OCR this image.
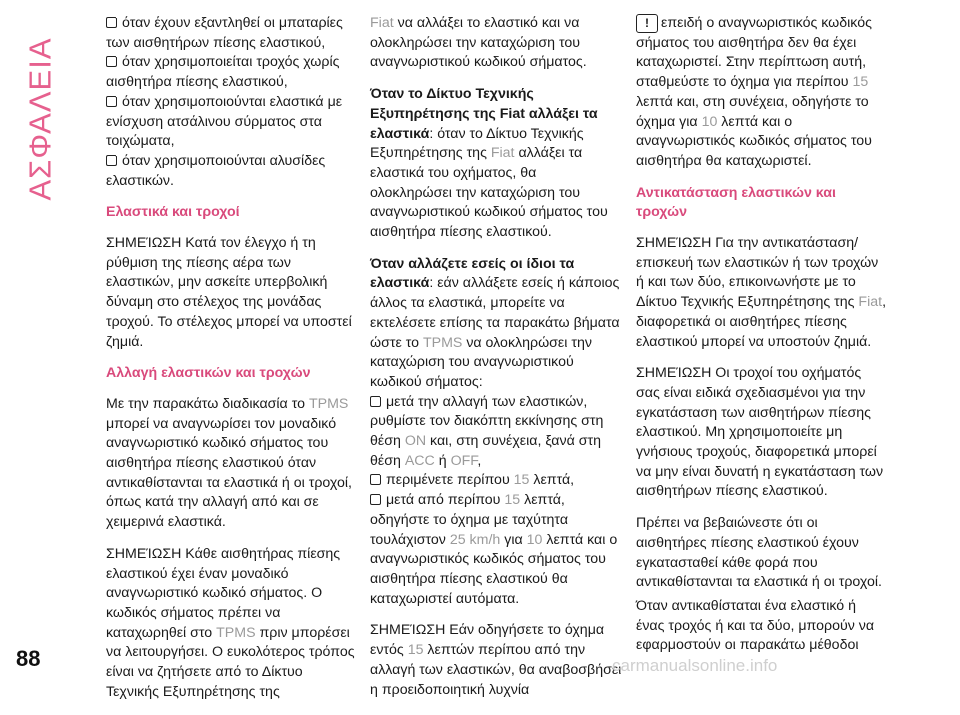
ΑΣΦΑΛΕΙΑ

όταν έχουν εξαντληθεί οι μπαταρίες των αισθητήρων πίεσης ελαστικού,

όταν χρησιμοποιείται τροχός χωρίς αισθητήρα πίεσης ελαστικού,

όταν χρησιμοποιούνται ελαστικά με ενίσχυση ατσάλινου σύρματος στα τοιχώματα,

όταν χρησιμοποιούνται αλυσίδες ελαστικών.

Ελαστικά και τροχοί

ΣΗΜΕΊΩΣΗ Κατά τον έλεγχο ή τη ρύθμιση της πίεσης αέρα των ελαστικών, μην ασκείτε υπερβολική δύναμη στο στέλεχος της μονάδας τροχού. Το στέλεχος μπορεί να υποστεί ζημιά.

Αλλαγή ελαστικών και τροχών

Με την παρακάτω διαδικασία το TPMS μπορεί να αναγνωρίσει τον μοναδικό αναγνωριστικό κωδικό σήματος του αισθητήρα πίεσης ελαστικού όταν αντικαθίστανται τα ελαστικά ή οι τροχοί, όπως κατά την αλλαγή από και σε χειμερινά ελαστικά.

ΣΗΜΕΊΩΣΗ Κάθε αισθητήρας πίεσης ελαστικού έχει έναν μοναδικό αναγνωριστικό κωδικό σήματος. Ο κωδικός σήματος πρέπει να καταχωρηθεί στο TPMS πριν μπορέσει να λειτουργήσει. Ο ευκολότερος τρόπος είναι να ζητήσετε από το Δίκτυο Τεχνικής Εξυπηρέτησης της

Fiat να αλλάξει το ελαστικό και να ολοκληρώσει την καταχώριση του αναγνωριστικού κωδικού σήματος.

Όταν το Δίκτυο Τεχνικής Εξυπηρέτησης της Fiat αλλάξει τα ελαστικά: όταν το Δίκτυο Τεχνικής Εξυπηρέτησης της Fiat αλλάξει τα ελαστικά του οχήματος, θα ολοκληρώσει την καταχώριση του αναγνωριστικού κωδικού σήματος του αισθητήρα πίεσης ελαστικού.

Όταν αλλάζετε εσείς οι ίδιοι τα ελαστικά: εάν αλλάξετε εσείς ή κάποιος άλλος τα ελαστικά, μπορείτε να εκτελέσετε επίσης τα παρακάτω βήματα ώστε το TPMS να ολοκληρώσει την καταχώριση του αναγνωριστικού κωδικού σήματος:

μετά την αλλαγή των ελαστικών, ρυθμίστε τον διακόπτη εκκίνησης στη θέση ON και, στη συνέχεια, ξανά στη θέση ACC ή OFF,

περιμένετε περίπου 15 λεπτά,

μετά από περίπου 15 λεπτά, οδηγήστε το όχημα με ταχύτητα τουλάχιστον 25 km/h για 10 λεπτά και ο αναγνωριστικός κωδικός σήματος του αισθητήρα πίεσης ελαστικού θα καταχωριστεί αυτόματα.

ΣΗΜΕΊΩΣΗ Εάν οδηγήσετε το όχημα εντός 15 λεπτών περίπου από την αλλαγή των ελαστικών, θα αναβοσβήσει η προειδοποιητική λυχνία

! επειδή ο αναγνωριστικός κωδικός σήματος του αισθητήρα δεν θα έχει καταχωριστεί. Στην περίπτωση αυτή, σταθμεύστε το όχημα για περίπου 15 λεπτά και, στη συνέχεια, οδηγήστε το όχημα για 10 λεπτά και ο αναγνωριστικός κωδικός σήματος του αισθητήρα θα καταχωριστεί.

Αντικατάσταση ελαστικών και τροχών

ΣΗΜΕΊΩΣΗ Για την αντικατάσταση/ επισκευή των ελαστικών ή των τροχών ή και των δύο, επικοινωνήστε με το Δίκτυο Τεχνικής Εξυπηρέτησης της Fiat, διαφορετικά οι αισθητήρες πίεσης ελαστικού μπορεί να υποστούν ζημιά.

ΣΗΜΕΊΩΣΗ Οι τροχοί του οχήματός σας είναι ειδικά σχεδιασμένοι για την εγκατάσταση των αισθητήρων πίεσης ελαστικού. Μη χρησιμοποιείτε μη γνήσιους τροχούς, διαφορετικά μπορεί να μην είναι δυνατή η εγκατάσταση των αισθητήρων πίεσης ελαστικού.

Πρέπει να βεβαιώνεστε ότι οι αισθητήρες πίεσης ελαστικού έχουν εγκατασταθεί κάθε φορά που αντικαθίστανται τα ελαστικά ή οι τροχοί.

Όταν αντικαθίσταται ένα ελαστικό ή ένας τροχός ή και τα δύο, μπορούν να εφαρμοστούν οι παρακάτω μέθοδοι

88	carmanualsonline.info
